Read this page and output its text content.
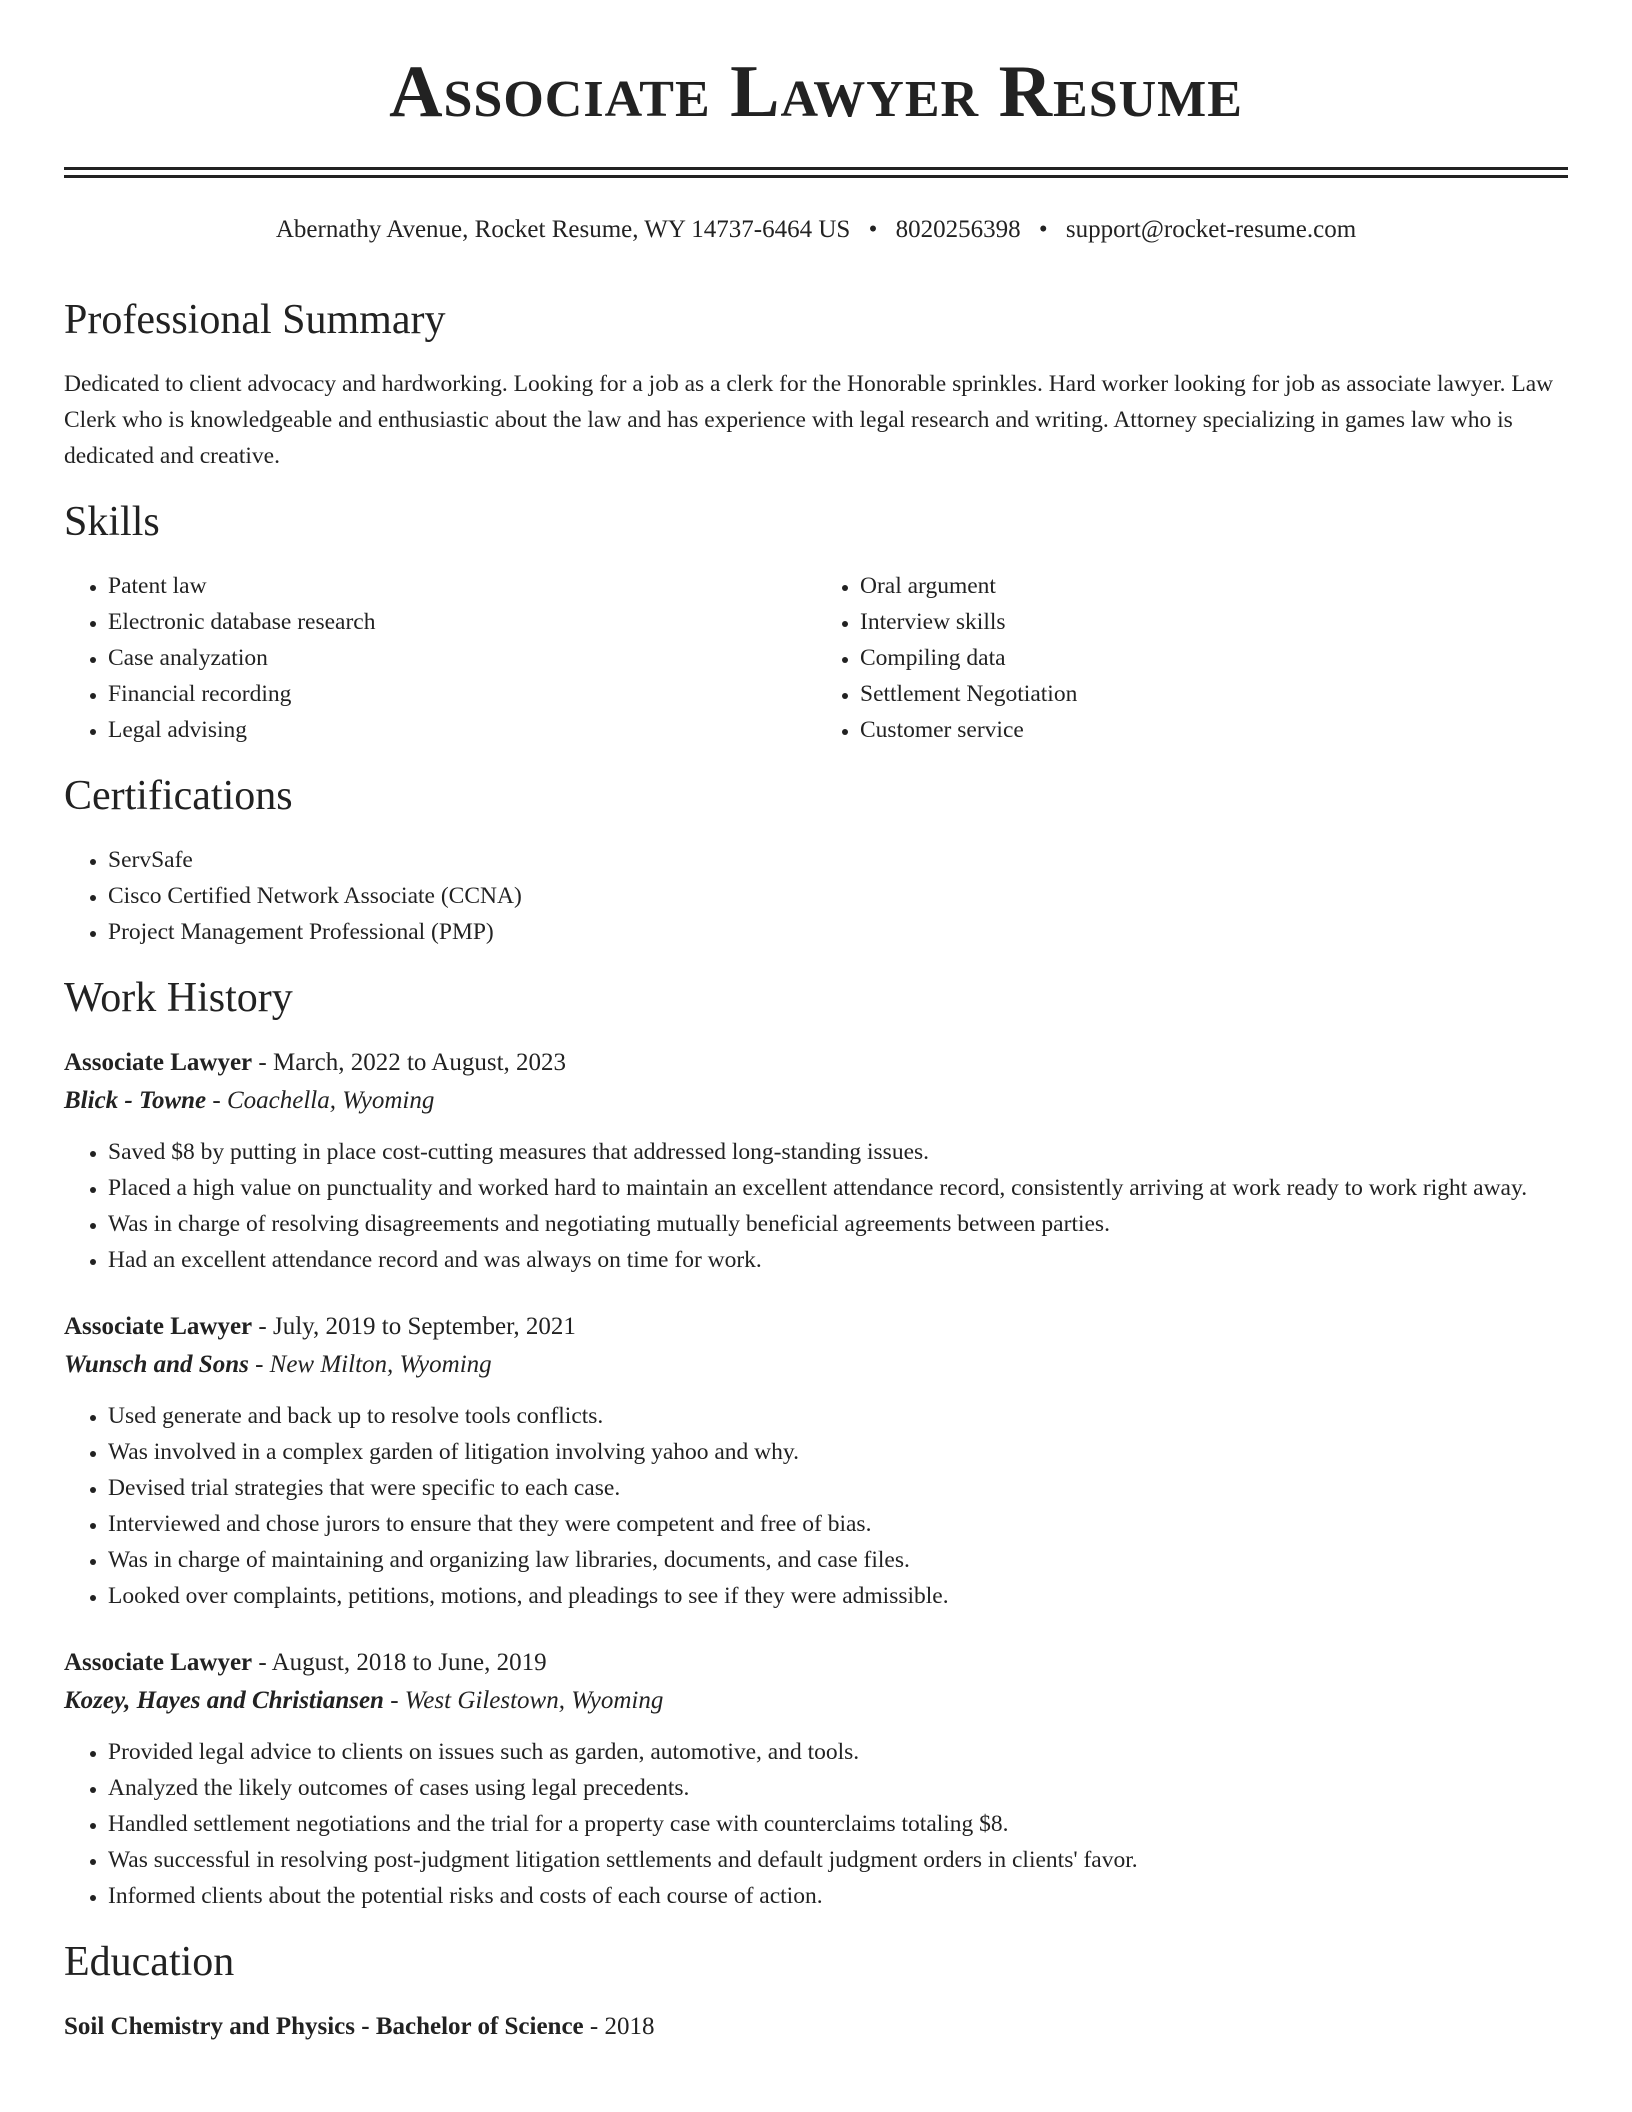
Associate Lawyer Resume
Abernathy Avenue, Rocket Resume, WY 14737-6464 US • 8020256398 • support@rocket-resume.com
Professional Summary

Dedicated to client advocacy and hardworking. Looking for a job as a clerk for the Honorable sprinkles. Hard worker looking for job as associate lawyer. Law Clerk who is knowledgeable and enthusiastic about the law and has experience with legal research and writing. Attorney specializing in games law who is dedicated and creative.

Skills
• Patent law
• Electronic database research
• Case analyzation
• Financial recording
• Legal advising
• Oral argument
• Interview skills
• Compiling data
• Settlement Negotiation
• Customer service
Certifications
• ServSafe
• Cisco Certified Network Associate (CCNA)
• Project Management Professional (PMP)
Work History
Associate Lawyer - March, 2022 to August, 2023
Blick - Towne - Coachella, Wyoming
• Saved $8 by putting in place cost-cutting measures that addressed long-standing issues.
• Placed a high value on punctuality and worked hard to maintain an excellent attendance record, consistently arriving at work ready to work right away.
• Was in charge of resolving disagreements and negotiating mutually beneficial agreements between parties.
• Had an excellent attendance record and was always on time for work.
Associate Lawyer - July, 2019 to September, 2021
Wunsch and Sons - New Milton, Wyoming
• Used generate and back up to resolve tools conflicts.
• Was involved in a complex garden of litigation involving yahoo and why.
• Devised trial strategies that were specific to each case.
• Interviewed and chose jurors to ensure that they were competent and free of bias.
• Was in charge of maintaining and organizing law libraries, documents, and case files.
• Looked over complaints, petitions, motions, and pleadings to see if they were admissible.
Associate Lawyer - August, 2018 to June, 2019
Kozey, Hayes and Christiansen - West Gilestown, Wyoming
• Provided legal advice to clients on issues such as garden, automotive, and tools.
• Analyzed the likely outcomes of cases using legal precedents.
• Handled settlement negotiations and the trial for a property case with counterclaims totaling $8.
• Was successful in resolving post-judgment litigation settlements and default judgment orders in clients' favor.
• Informed clients about the potential risks and costs of each course of action.
Education
Soil Chemistry and Physics - Bachelor of Science - 2018
